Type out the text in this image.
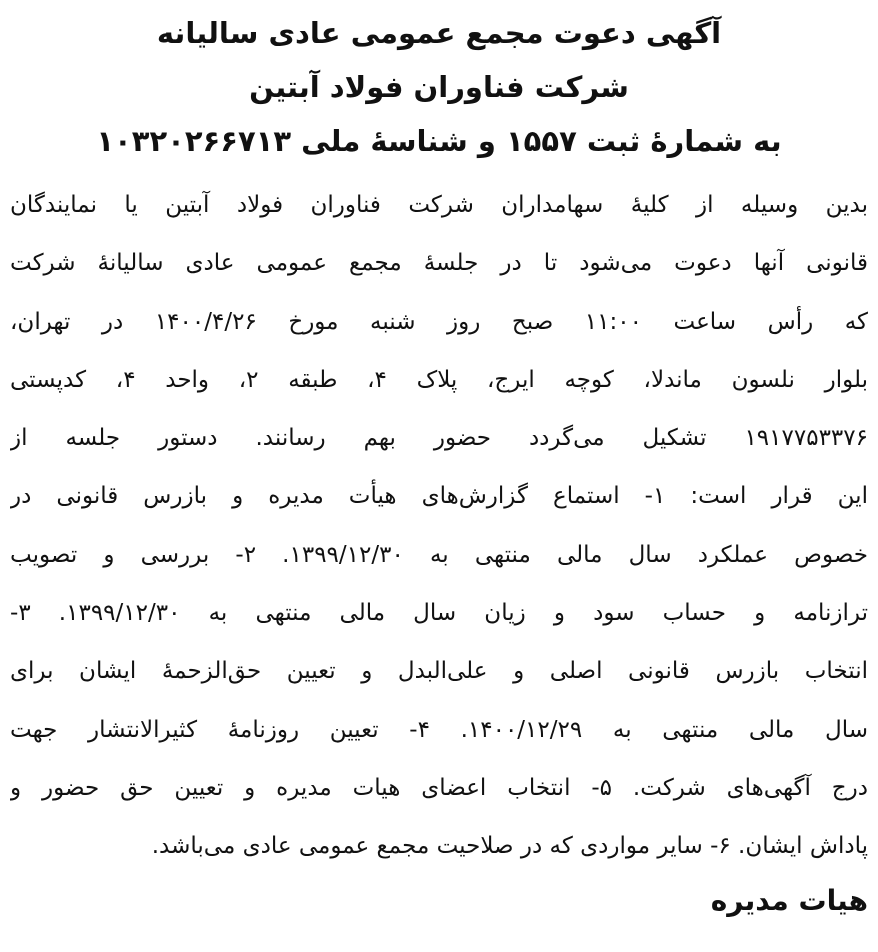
آگهی دعوت مجمع عمومی عادی سالیانه
شرکت فناوران فولاد آبتین
به شمارهٔ ثبت ۱۵۵۷ و شناسهٔ ملی ۱۰۳۲۰۲۶۶۷۱۳
بدین وسیله از کلیهٔ سهامداران شرکت فناوران فولاد آبتین یا نمایندگان
قانونی آنها دعوت می‌شود تا در جلسهٔ مجمع عمومی عادی سالیانهٔ شرکت
که رأس ساعت ۱۱:۰۰ صبح روز شنبه مورخ ۱۴۰۰/۴/۲۶ در تهران،
بلوار نلسون ماندلا، کوچه ایرج، پلاک ۴، طبقه ۲، واحد ۴، کدپستی
۱۹۱۷۷۵۳۳۷۶ تشکیل می‌گردد حضور بهم رسانند. دستور جلسه از
این قرار است: ۱- استماع گزارش‌های هیأت مدیره و بازرس قانونی در
خصوص عملکرد سال مالی منتهی به ۱۳۹۹/۱۲/۳۰. ۲- بررسی و تصویب
ترازنامه و حساب سود و زیان سال مالی منتهی به ۱۳۹۹/۱۲/۳۰. ۳-
انتخاب بازرس قانونی اصلی و علی‌البدل و تعیین حق‌الزحمهٔ ایشان برای
سال مالی منتهی به ۱۴۰۰/۱۲/۲۹. ۴- تعیین روزنامهٔ کثیرالانتشار جهت
درج آگهی‌های شرکت. ۵- انتخاب اعضای هیات مدیره و تعیین حق حضور و
پاداش ایشان. ۶- سایر مواردی که در صلاحیت مجمع عمومی عادی می‌باشد.

هیات مدیره
